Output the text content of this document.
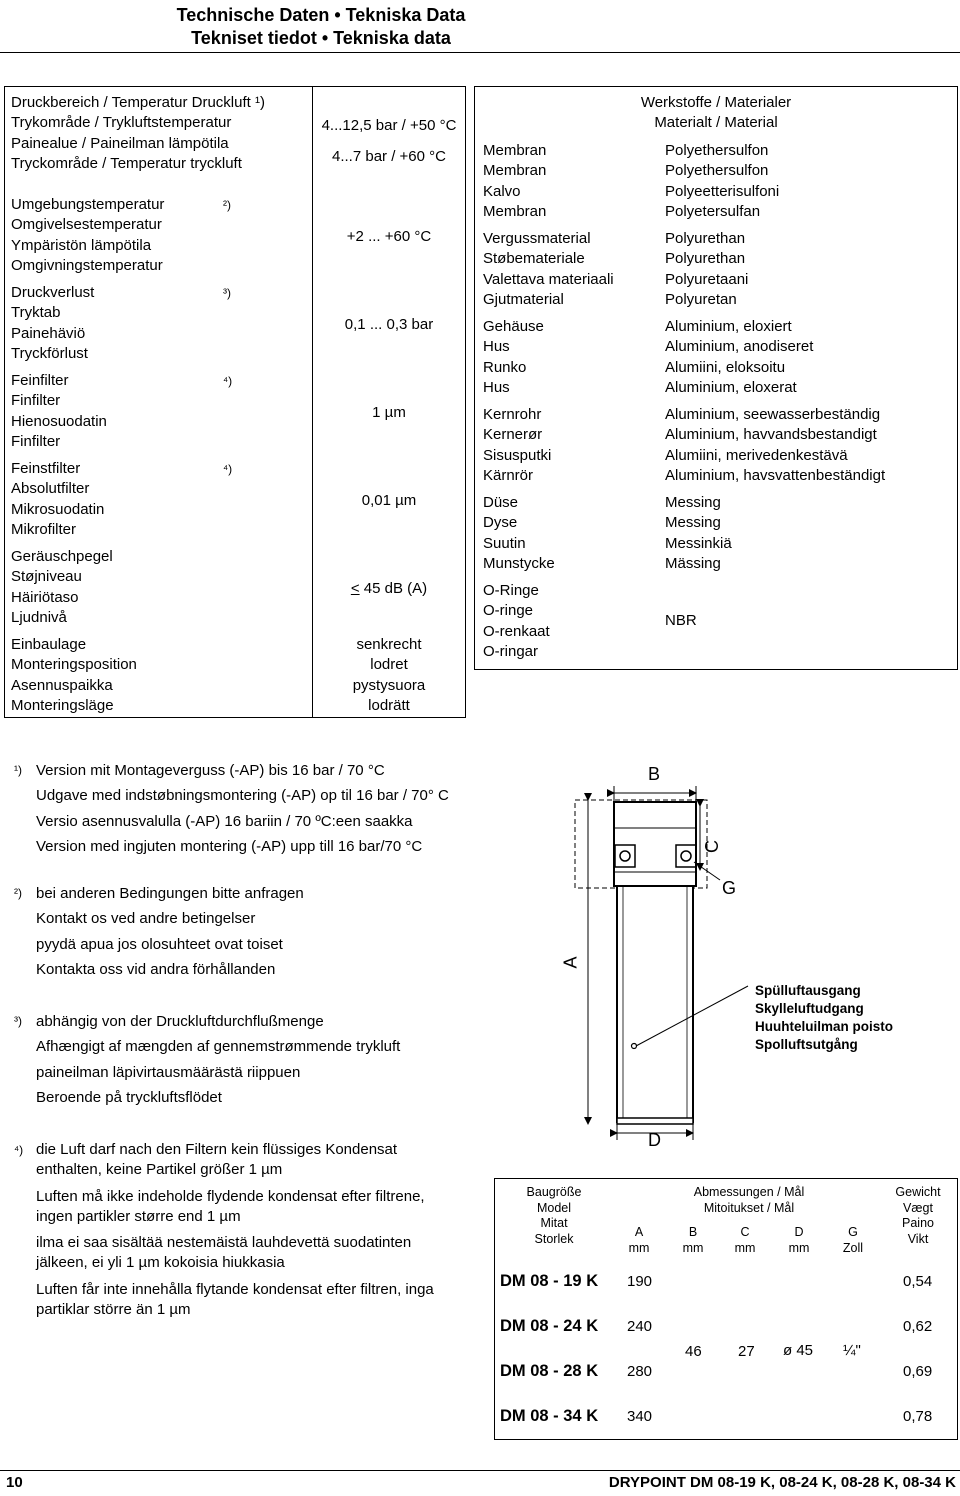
Technische Daten • Tekniska Data
Tekniset tiedot • Tekniska data
Druckbereich / Temperatur Druckluft ¹)
Trykområde / Trykluftstemperatur
Painealue / Paineilman lämpötila
Tryckområde / Temperatur tryckluft
²)
Umgebungstemperatur
Omgivelsestemperatur
Ympäristön lämpötila
Omgivningstemperatur
³)
Druckverlust
Tryktab
Painehäviö
Tryckförlust
⁴)
Feinfilter
Finfilter
Hienosuodatin
Finfilter
⁴)
Feinstfilter
Absolutfilter
Mikrosuodatin
Mikrofilter
Geräuschpegel
Støjniveau
Häiriötaso
Ljudnivå
Einbaulage
Monteringsposition
Asennuspaikka
Monteringsläge
4...12,5 bar / +50 °C
4...7 bar / +60 °C
+2 ... +60 °C
0,1 ... 0,3 bar
1 µm
0,01 µm
≤ 45 dB (A)
senkrecht
lodret
pystysuora
lodrätt
Werkstoffe / Materialer
Materialt / Material
Membran
Membran
Kalvo
Membran
Polyethersulfon
Polyethersulfon
Polyeetterisulfoni
Polyetersulfan
Vergussmaterial
Støbematerialе
Valettava materiaali
Gjutmaterial
Polyurethan
Polyurethan
Polyuretaani
Polyuretan
Gehäuse
Hus
Runko
Hus
Aluminium, eloxiert
Aluminium, anodiseret
Alumiini, eloksoitu
Aluminium, eloxerat
Kernrohr
Kernerør
Sisusputki
Kärnrör
Aluminium, seewasserbeständig
Aluminium, havvandsbestandigt
Alumiini, merivedenkestävä
Aluminium, havsvattenbeständigt
Düse
Dyse
Suutin
Munstycke
Messing
Messing
Messinkiä
Mässing
O-Ringe
O-ringe
O-renkaat
O-ringar
NBR
¹) Version mit Montageverguss (-AP) bis 16 bar / 70 °C
Udgave med indstøbningsmontering (-AP) op til 16 bar / 70° C
Versio asennusvalulla (-AP) 16 bariin / 70 ºC:een saakka
Version med ingjuten montering (-AP) upp till 16 bar/70 °C
²) bei anderen Bedingungen bitte anfragen
Kontakt os ved andre betingelser
pyydä apua jos olosuhteet ovat toiset
Kontakta oss vid andra förhållanden
³) abhängig von der Druckluftdurchflußmenge
Afhængigt af mængden af gennemstrømmende trykluft
paineilman läpivirtausmäärästä riippuen
Beroende på tryckluftsflödet
⁴) die Luft darf nach den Filtern kein flüssiges Kondensat enthalten, keine Partikel größer 1 µm

Luften må ikke indeholde flydende kondensat efter filtrene, ingen partikler større end 1 µm

ilma ei saa sisältää nestemäistä lauhdevettä suodatinten jälkeen, ei yli 1 µm kokoisia hiukkasia

Luften får inte innehålla flytande kondensat efter filtren, inga partiklar större än 1 µm

B
C
G
A
D
Spülluftausgang
Skylleluftudgang
Huuhteluilman poisto
Spolluftsutgång
Baugröße
Model
Mitat
Storlek
Abmessungen / Mål
Mitoitukset / Mål
Gewicht
Vægt
Paino
Vikt
A
mm
B
mm
C
mm
D
mm
G
Zoll
DM 08 - 19 K
DM 08 - 24 K
DM 08 - 28 K
DM 08 - 34 K
190
240
280
340
46 27 ø 45 ¼"
0,54
0,62
0,69
0,78
10	DRYPOINT DM 08-19 K, 08-24 K, 08-28 K, 08-34 K
